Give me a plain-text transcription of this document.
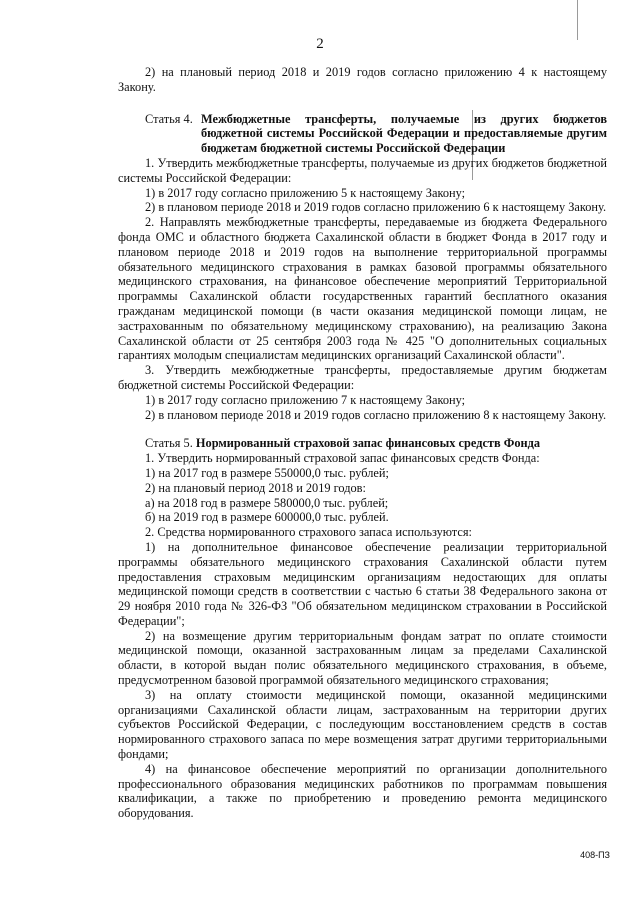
2

2) на плановый период 2018 и 2019 годов согласно приложению 4 к настоящему Закону.

Статья 4. Межбюджетные трансферты, получаемые из других бюджетов бюджетной системы Российской Федерации и предоставляемые другим бюджетам бюджетной системы Российской Федерации

1. Утвердить межбюджетные трансферты, получаемые из других бюджетов бюджетной системы Российской Федерации:

1) в 2017 году согласно приложению 5 к настоящему Закону;

2) в плановом периоде 2018 и 2019 годов согласно приложению 6 к настоящему Закону.

2. Направлять межбюджетные трансферты, передаваемые из бюджета Федерального фонда ОМС и областного бюджета Сахалинской области в бюджет Фонда в 2017 году и плановом периоде 2018 и 2019 годов на выполнение территориальной программы обязательного медицинского страхования в рамках базовой программы обязательного медицинского страхования, на финансовое обеспечение мероприятий Территориальной программы Сахалинской области государственных гарантий бесплатного оказания гражданам медицинской помощи (в части оказания медицинской помощи лицам, не застрахованным по обязательному медицинскому страхованию), на реализацию Закона Сахалинской области от 25 сентября 2003 года № 425 "О дополнительных социальных гарантиях молодым специалистам медицинских организаций Сахалинской области".

3. Утвердить межбюджетные трансферты, предоставляемые другим бюджетам бюджетной системы Российской Федерации:

1) в 2017 году согласно приложению 7 к настоящему Закону;

2) в плановом периоде 2018 и 2019 годов согласно приложению 8 к настоящему Закону.

Статья 5. Нормированный страховой запас финансовых средств Фонда

1. Утвердить нормированный страховой запас финансовых средств Фонда:

1) на 2017 год в размере 550000,0 тыс. рублей;

2) на плановый период 2018 и 2019 годов:

а) на 2018 год в размере 580000,0 тыс. рублей;

б) на 2019 год в размере 600000,0 тыс. рублей.

2. Средства нормированного страхового запаса используются:

1) на дополнительное финансовое обеспечение реализации территориальной программы обязательного медицинского страхования Сахалинской области путем предоставления страховым медицинским организациям недостающих для оплаты медицинской помощи средств в соответствии с частью 6 статьи 38 Федерального закона от 29 ноября 2010 года № 326-ФЗ "Об обязательном медицинском страховании в Российской Федерации";

2) на возмещение другим территориальным фондам затрат по оплате стоимости медицинской помощи, оказанной застрахованным лицам за пределами Сахалинской области, в которой выдан полис обязательного медицинского страхования, в объеме, предусмотренном базовой программой обязательного медицинского страхования;

3) на оплату стоимости медицинской помощи, оказанной медицинскими организациями Сахалинской области лицам, застрахованным на территории других субъектов Российской Федерации, с последующим восстановлением средств в состав нормированного страхового запаса по мере возмещения затрат другими территориальными фондами;

4) на финансовое обеспечение мероприятий по организации дополнительного профессионального образования медицинских работников по программам повышения квалификации, а также по приобретению и проведению ремонта медицинского оборудования.

408-ПЗ
